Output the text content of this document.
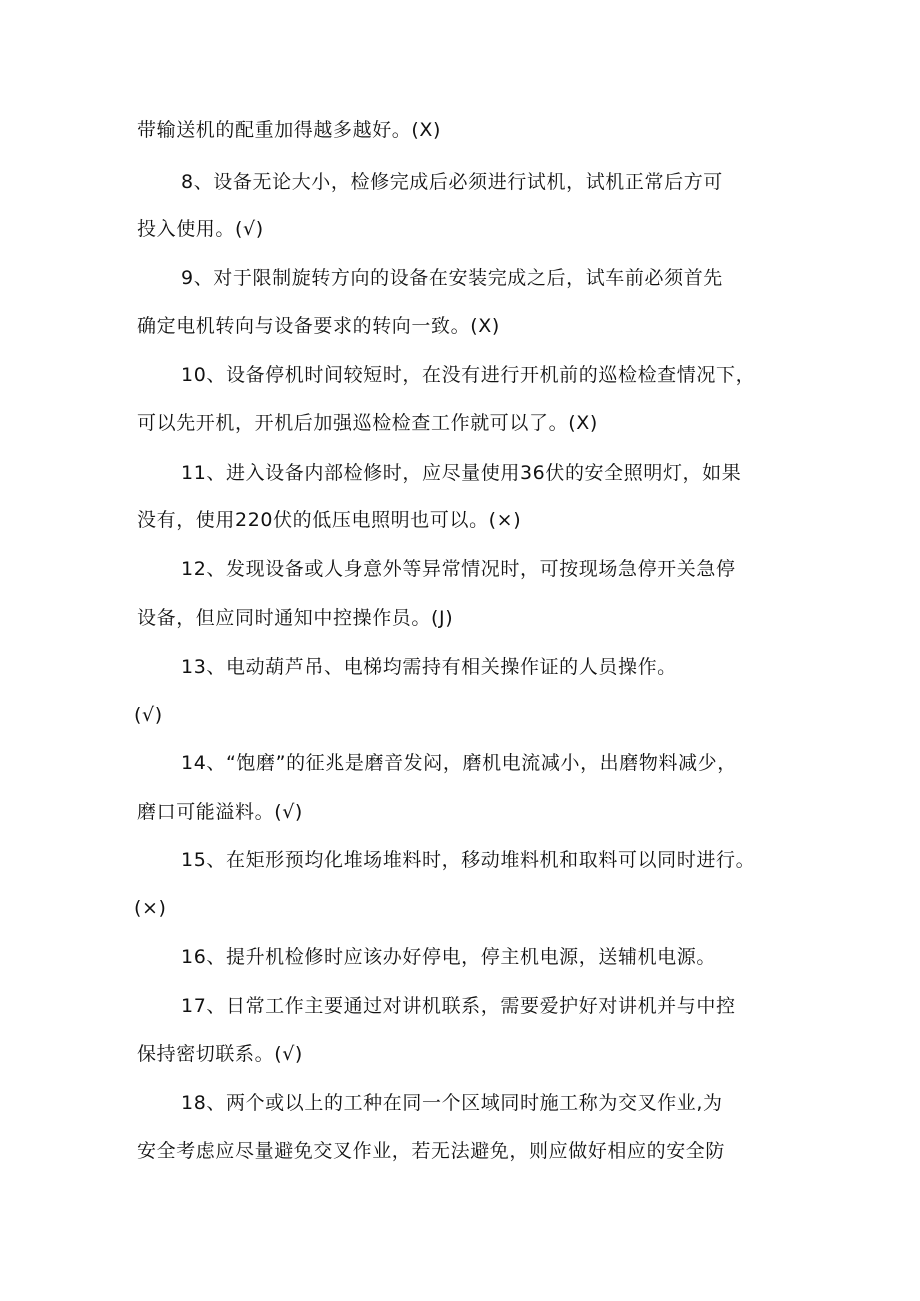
带输送机的配重加得越多越好。(X)
8、设备无论大小，检修完成后必须进行试机，试机正常后方可
投入使用。(√)
9、对于限制旋转方向的设备在安装完成之后，试车前必须首先
确定电机转向与设备要求的转向一致。(X)
10、设备停机时间较短时，在没有进行开机前的巡检检查情况下，
可以先开机，开机后加强巡检检查工作就可以了。(X)
11、进入设备内部检修时，应尽量使用36伏的安全照明灯，如果
没有，使用220伏的低压电照明也可以。(×)
12、发现设备或人身意外等异常情况时，可按现场急停开关急停
设备，但应同时通知中控操作员。(J)
13、电动葫芦吊、电梯均需持有相关操作证的人员操作。
(√)
14、“饱磨”的征兆是磨音发闷，磨机电流减小，出磨物料减少，
磨口可能溢料。(√)
15、在矩形预均化堆场堆料时，移动堆料机和取料可以同时进行。
(×)
16、提升机检修时应该办好停电，停主机电源，送辅机电源。
17、日常工作主要通过对讲机联系，需要爱护好对讲机并与中控
保持密切联系。(√)
18、两个或以上的工种在同一个区域同时施工称为交叉作业,为
安全考虑应尽量避免交叉作业，若无法避免，则应做好相应的安全防
